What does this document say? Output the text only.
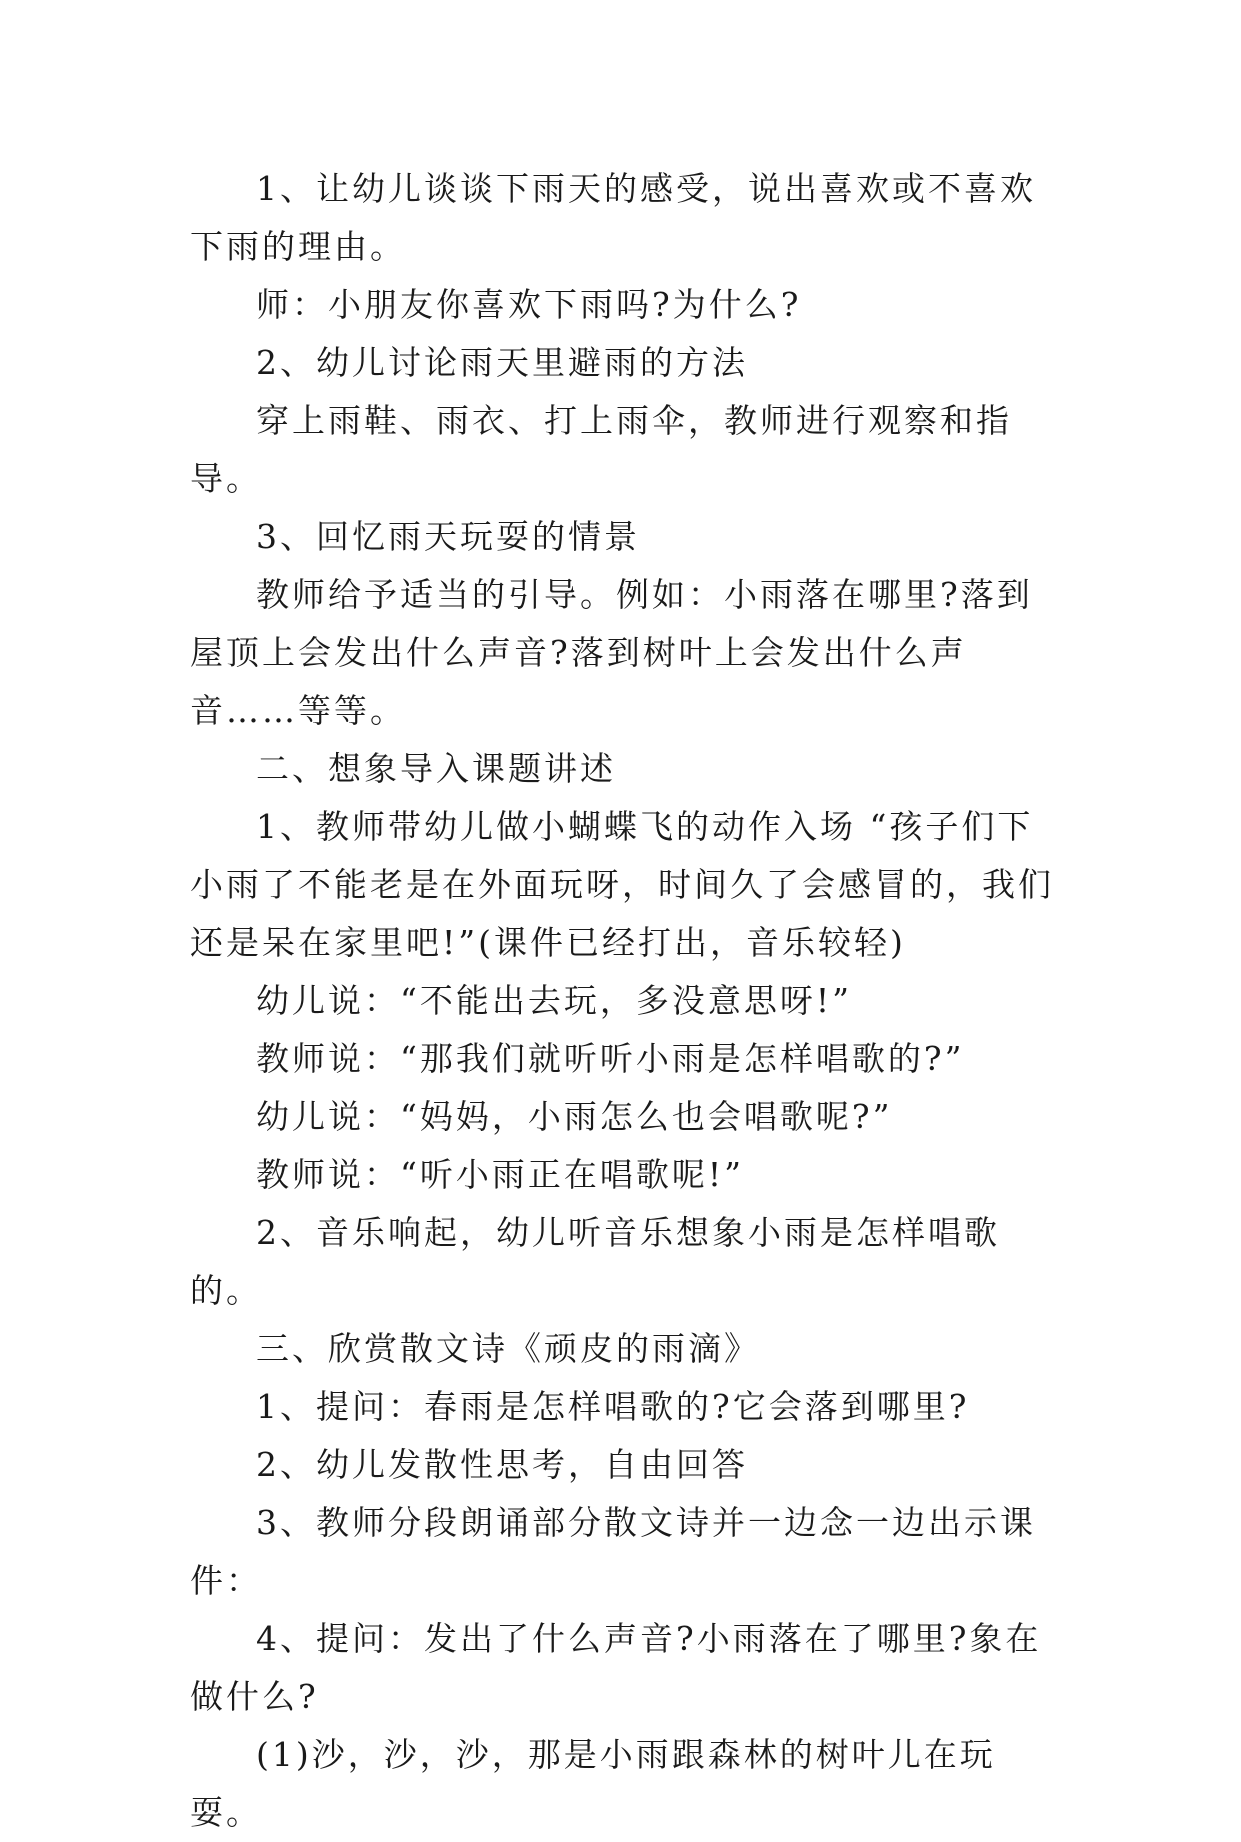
1、让幼儿谈谈下雨天的感受，说出喜欢或不喜欢下雨的理由。

师：小朋友你喜欢下雨吗?为什么?

2、幼儿讨论雨天里避雨的方法

穿上雨鞋、雨衣、打上雨伞，教师进行观察和指导。

3、回忆雨天玩耍的情景

教师给予适当的引导。例如：小雨落在哪里?落到屋顶上会发出什么声音?落到树叶上会发出什么声音……等等。

二、想象导入课题讲述

1、教师带幼儿做小蝴蝶飞的动作入场 “孩子们下小雨了不能老是在外面玩呀，时间久了会感冒的，我们还是呆在家里吧!”(课件已经打出，音乐较轻)

幼儿说：“不能出去玩，多没意思呀!”

教师说：“那我们就听听小雨是怎样唱歌的?”

幼儿说：“妈妈，小雨怎么也会唱歌呢?”

教师说：“听小雨正在唱歌呢!”

2、音乐响起，幼儿听音乐想象小雨是怎样唱歌的。

三、欣赏散文诗《顽皮的雨滴》

1、提问：春雨是怎样唱歌的?它会落到哪里?

2、幼儿发散性思考，自由回答

3、教师分段朗诵部分散文诗并一边念一边出示课件：

4、提问：发出了什么声音?小雨落在了哪里?象在做什么?

(1)沙，沙，沙，那是小雨跟森林的树叶儿在玩耍。
